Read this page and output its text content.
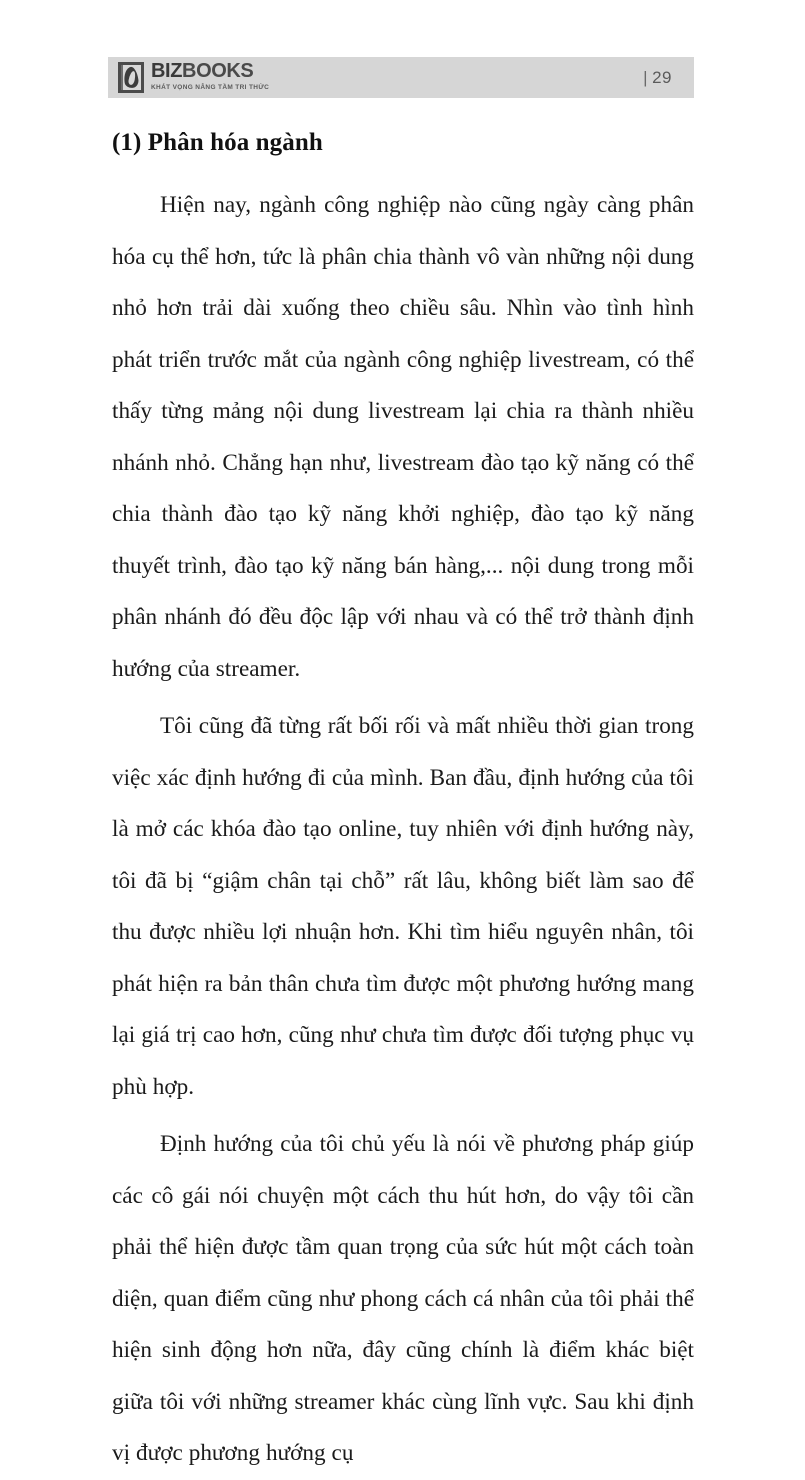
BIZBOOKS
KHÁT VỌNG NÂNG TẦM TRI THỨC
| 29
(1) Phân hóa ngành

Hiện nay, ngành công nghiệp nào cũng ngày càng phân hóa cụ thể hơn, tức là phân chia thành vô vàn những nội dung nhỏ hơn trải dài xuống theo chiều sâu. Nhìn vào tình hình phát triển trước mắt của ngành công nghiệp livestream, có thể thấy từng mảng nội dung livestream lại chia ra thành nhiều nhánh nhỏ. Chẳng hạn như, livestream đào tạo kỹ năng có thể chia thành đào tạo kỹ năng khởi nghiệp, đào tạo kỹ năng thuyết trình, đào tạo kỹ năng bán hàng,... nội dung trong mỗi phân nhánh đó đều độc lập với nhau và có thể trở thành định hướng của streamer.

Tôi cũng đã từng rất bối rối và mất nhiều thời gian trong việc xác định hướng đi của mình. Ban đầu, định hướng của tôi là mở các khóa đào tạo online, tuy nhiên với định hướng này, tôi đã bị “giậm chân tại chỗ” rất lâu, không biết làm sao để thu được nhiều lợi nhuận hơn. Khi tìm hiểu nguyên nhân, tôi phát hiện ra bản thân chưa tìm được một phương hướng mang lại giá trị cao hơn, cũng như chưa tìm được đối tượng phục vụ phù hợp.

Định hướng của tôi chủ yếu là nói về phương pháp giúp các cô gái nói chuyện một cách thu hút hơn, do vậy tôi cần phải thể hiện được tầm quan trọng của sức hút một cách toàn diện, quan điểm cũng như phong cách cá nhân của tôi phải thể hiện sinh động hơn nữa, đây cũng chính là điểm khác biệt giữa tôi với những streamer khác cùng lĩnh vực. Sau khi định vị được phương hướng cụ
